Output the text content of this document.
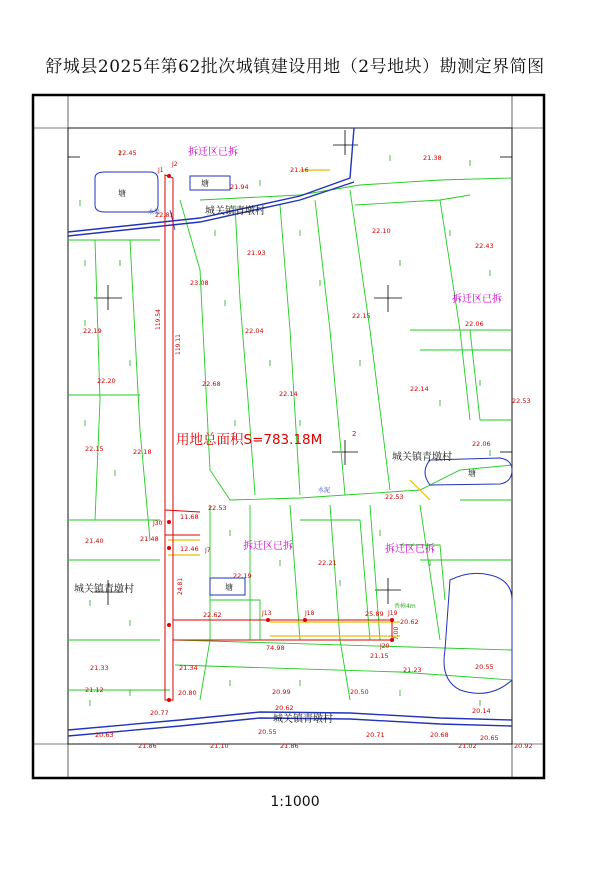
舒城县2025年第62批次城镇建设用地（2号地块）勘测定界简图
119.54
119.11
24.81
7.00
J1
J2
J30
J7
J13	J18	J19
J20
22.45
21.94
21.16
21.38
22.81
22.10
21.93
22.43
23.08
22.15
22.06
22.19	22.04
22.20	22.68
22.14
22.14
22.53
22.15	22.18
22.06
22.53
11.68
22.53
12.46
22.21
21.40	21.48
22.19
22.62	25.89
20.62
21.33	21.34
21.15
21.23	20.55
21.12	20.80	20.99	20.50
20.14
20.77
20.62
20.55	20.71
20.63	20.68	20.65
21.86	21.10	21.86	21.02	20.92
74.98
用地总面积S=783.18M	2
拆迁区已拆
拆迁区已拆
拆迁区已拆	拆迁区已拆
城关镇青墩村
城关镇青墩村
城关镇青墩村
城关镇青墩村
塘
塘
塘
塘
水渠
水泥
香樟4m
1:1000
